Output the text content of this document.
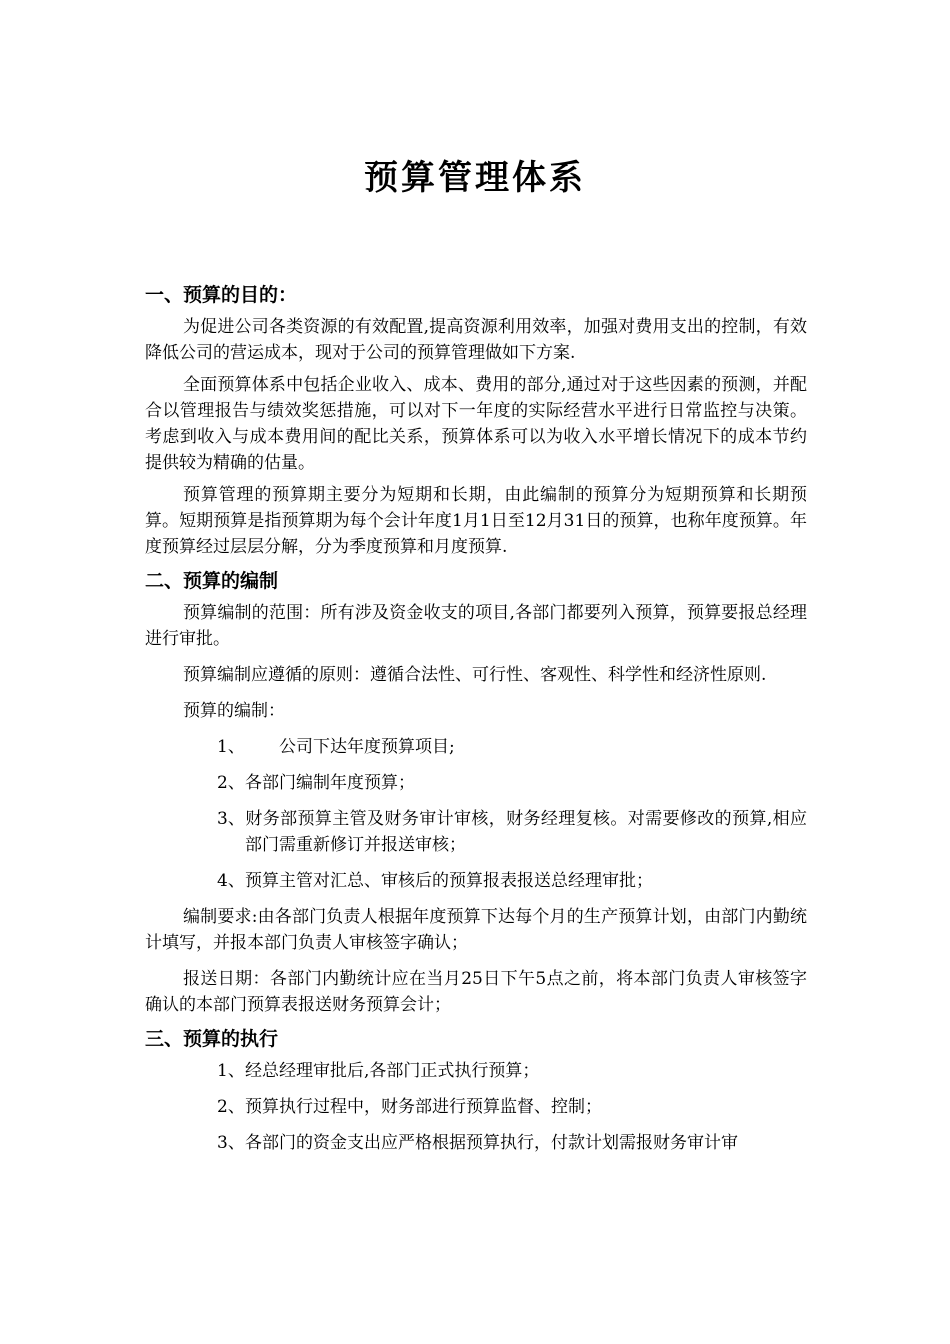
预算管理体系
一、预算的目的：

为促进公司各类资源的有效配置,提高资源利用效率，加强对费用支出的控制，有效降低公司的营运成本，现对于公司的预算管理做如下方案.

全面预算体系中包括企业收入、成本、费用的部分,通过对于这些因素的预测，并配合以管理报告与绩效奖惩措施，可以对下一年度的实际经营水平进行日常监控与决策。考虑到收入与成本费用间的配比关系，预算体系可以为收入水平增长情况下的成本节约提供较为精确的估量。

预算管理的预算期主要分为短期和长期，由此编制的预算分为短期预算和长期预算。短期预算是指预算期为每个会计年度1月1日至12月31日的预算，也称年度预算。年度预算经过层层分解，分为季度预算和月度预算.

二、预算的编制

预算编制的范围：所有涉及资金收支的项目,各部门都要列入预算，预算要报总经理进行审批。

预算编制应遵循的原则：遵循合法性、可行性、客观性、科学性和经济性原则.

预算的编制：

1、 公司下达年度预算项目;
2、各部门编制年度预算；
3、财务部预算主管及财务审计审核，财务经理复核。对需要修改的预算,相应部门需重新修订并报送审核；
4、预算主管对汇总、审核后的预算报表报送总经理审批；

编制要求:由各部门负责人根据年度预算下达每个月的生产预算计划，由部门内勤统计填写，并报本部门负责人审核签字确认；

报送日期：各部门内勤统计应在当月25日下午5点之前，将本部门负责人审核签字确认的本部门预算表报送财务预算会计；

三、预算的执行
1、经总经理审批后,各部门正式执行预算；
2、预算执行过程中，财务部进行预算监督、控制；
3、各部门的资金支出应严格根据预算执行，付款计划需报财务审计审
